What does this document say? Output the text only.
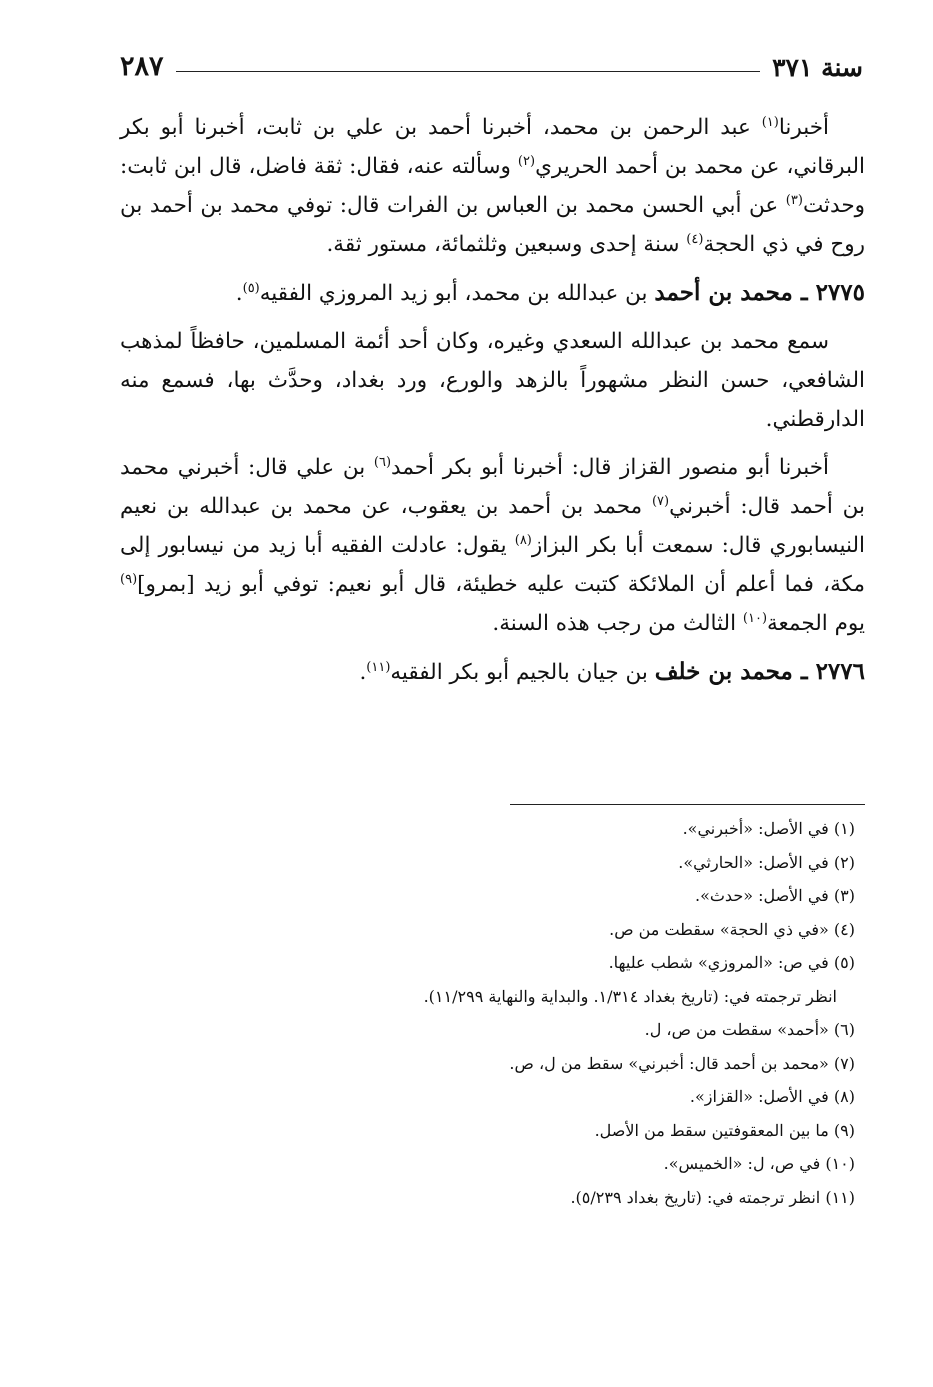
سنة ٣٧١
٢٨٧

أخبرنا$^{(١)}$ عبد الرحمن بن محمد، أخبرنا أحمد بن علي بن ثابت، أخبرنا أبو بكر البرقاني، عن محمد بن أحمد الحريري$^{(٢)}$ وسألته عنه، فقال: ثقة فاضل، قال ابن ثابت: وحدثت$^{(٣)}$ عن أبي الحسن محمد بن العباس بن الفرات قال: توفي محمد بن أحمد بن روح في ذي الحجة$^{(٤)}$ سنة إحدى وسبعين وثلثمائة، مستور ثقة.

٢٧٧٥ ـ محمد بن أحمد بن عبدالله بن محمد، أبو زيد المروزي الفقيه$^{(٥)}$.

سمع محمد بن عبدالله السعدي وغيره، وكان أحد أئمة المسلمين، حافظاً لمذهب الشافعي، حسن النظر مشهوراً بالزهد والورع، ورد بغداد، وحدَّث بها، فسمع منه الدارقطني.

أخبرنا أبو منصور القزاز قال: أخبرنا أبو بكر أحمد$^{(٦)}$ بن علي قال: أخبرني محمد بن أحمد قال: أخبرني$^{(٧)}$ محمد بن أحمد بن يعقوب، عن محمد بن عبدالله بن نعيم النيسابوري قال: سمعت أبا بكر البزاز$^{(٨)}$ يقول: عادلت الفقيه أبا زيد من نيسابور إلى مكة، فما أعلم أن الملائكة كتبت عليه خطيئة، قال أبو نعيم: توفي أبو زيد [بمرو]$^{(٩)}$ يوم الجمعة$^{(١٠)}$ الثالث من رجب هذه السنة.

٢٧٧٦ ـ محمد بن خلف بن جيان بالجيم أبو بكر الفقيه$^{(١١)}$.

(١) في الأصل: «أخبرني».

(٢) في الأصل: «الحارثي».

(٣) في الأصل: «حدث».

(٤) «في ذي الحجة» سقطت من ص.

(٥) في ص: «المروزي» شطب عليها.

انظر ترجمته في: (تاريخ بغداد ١/٣١٤. والبداية والنهاية ١١/٢٩٩).

(٦) «أحمد» سقطت من ص، ل.

(٧) «محمد بن أحمد قال: أخبرني» سقط من ل، ص.

(٨) في الأصل: «القزاز».

(٩) ما بين المعقوفتين سقط من الأصل.

(١٠) في ص، ل: «الخميس».

(١١) انظر ترجمته في: (تاريخ بغداد ٥/٢٣٩).
